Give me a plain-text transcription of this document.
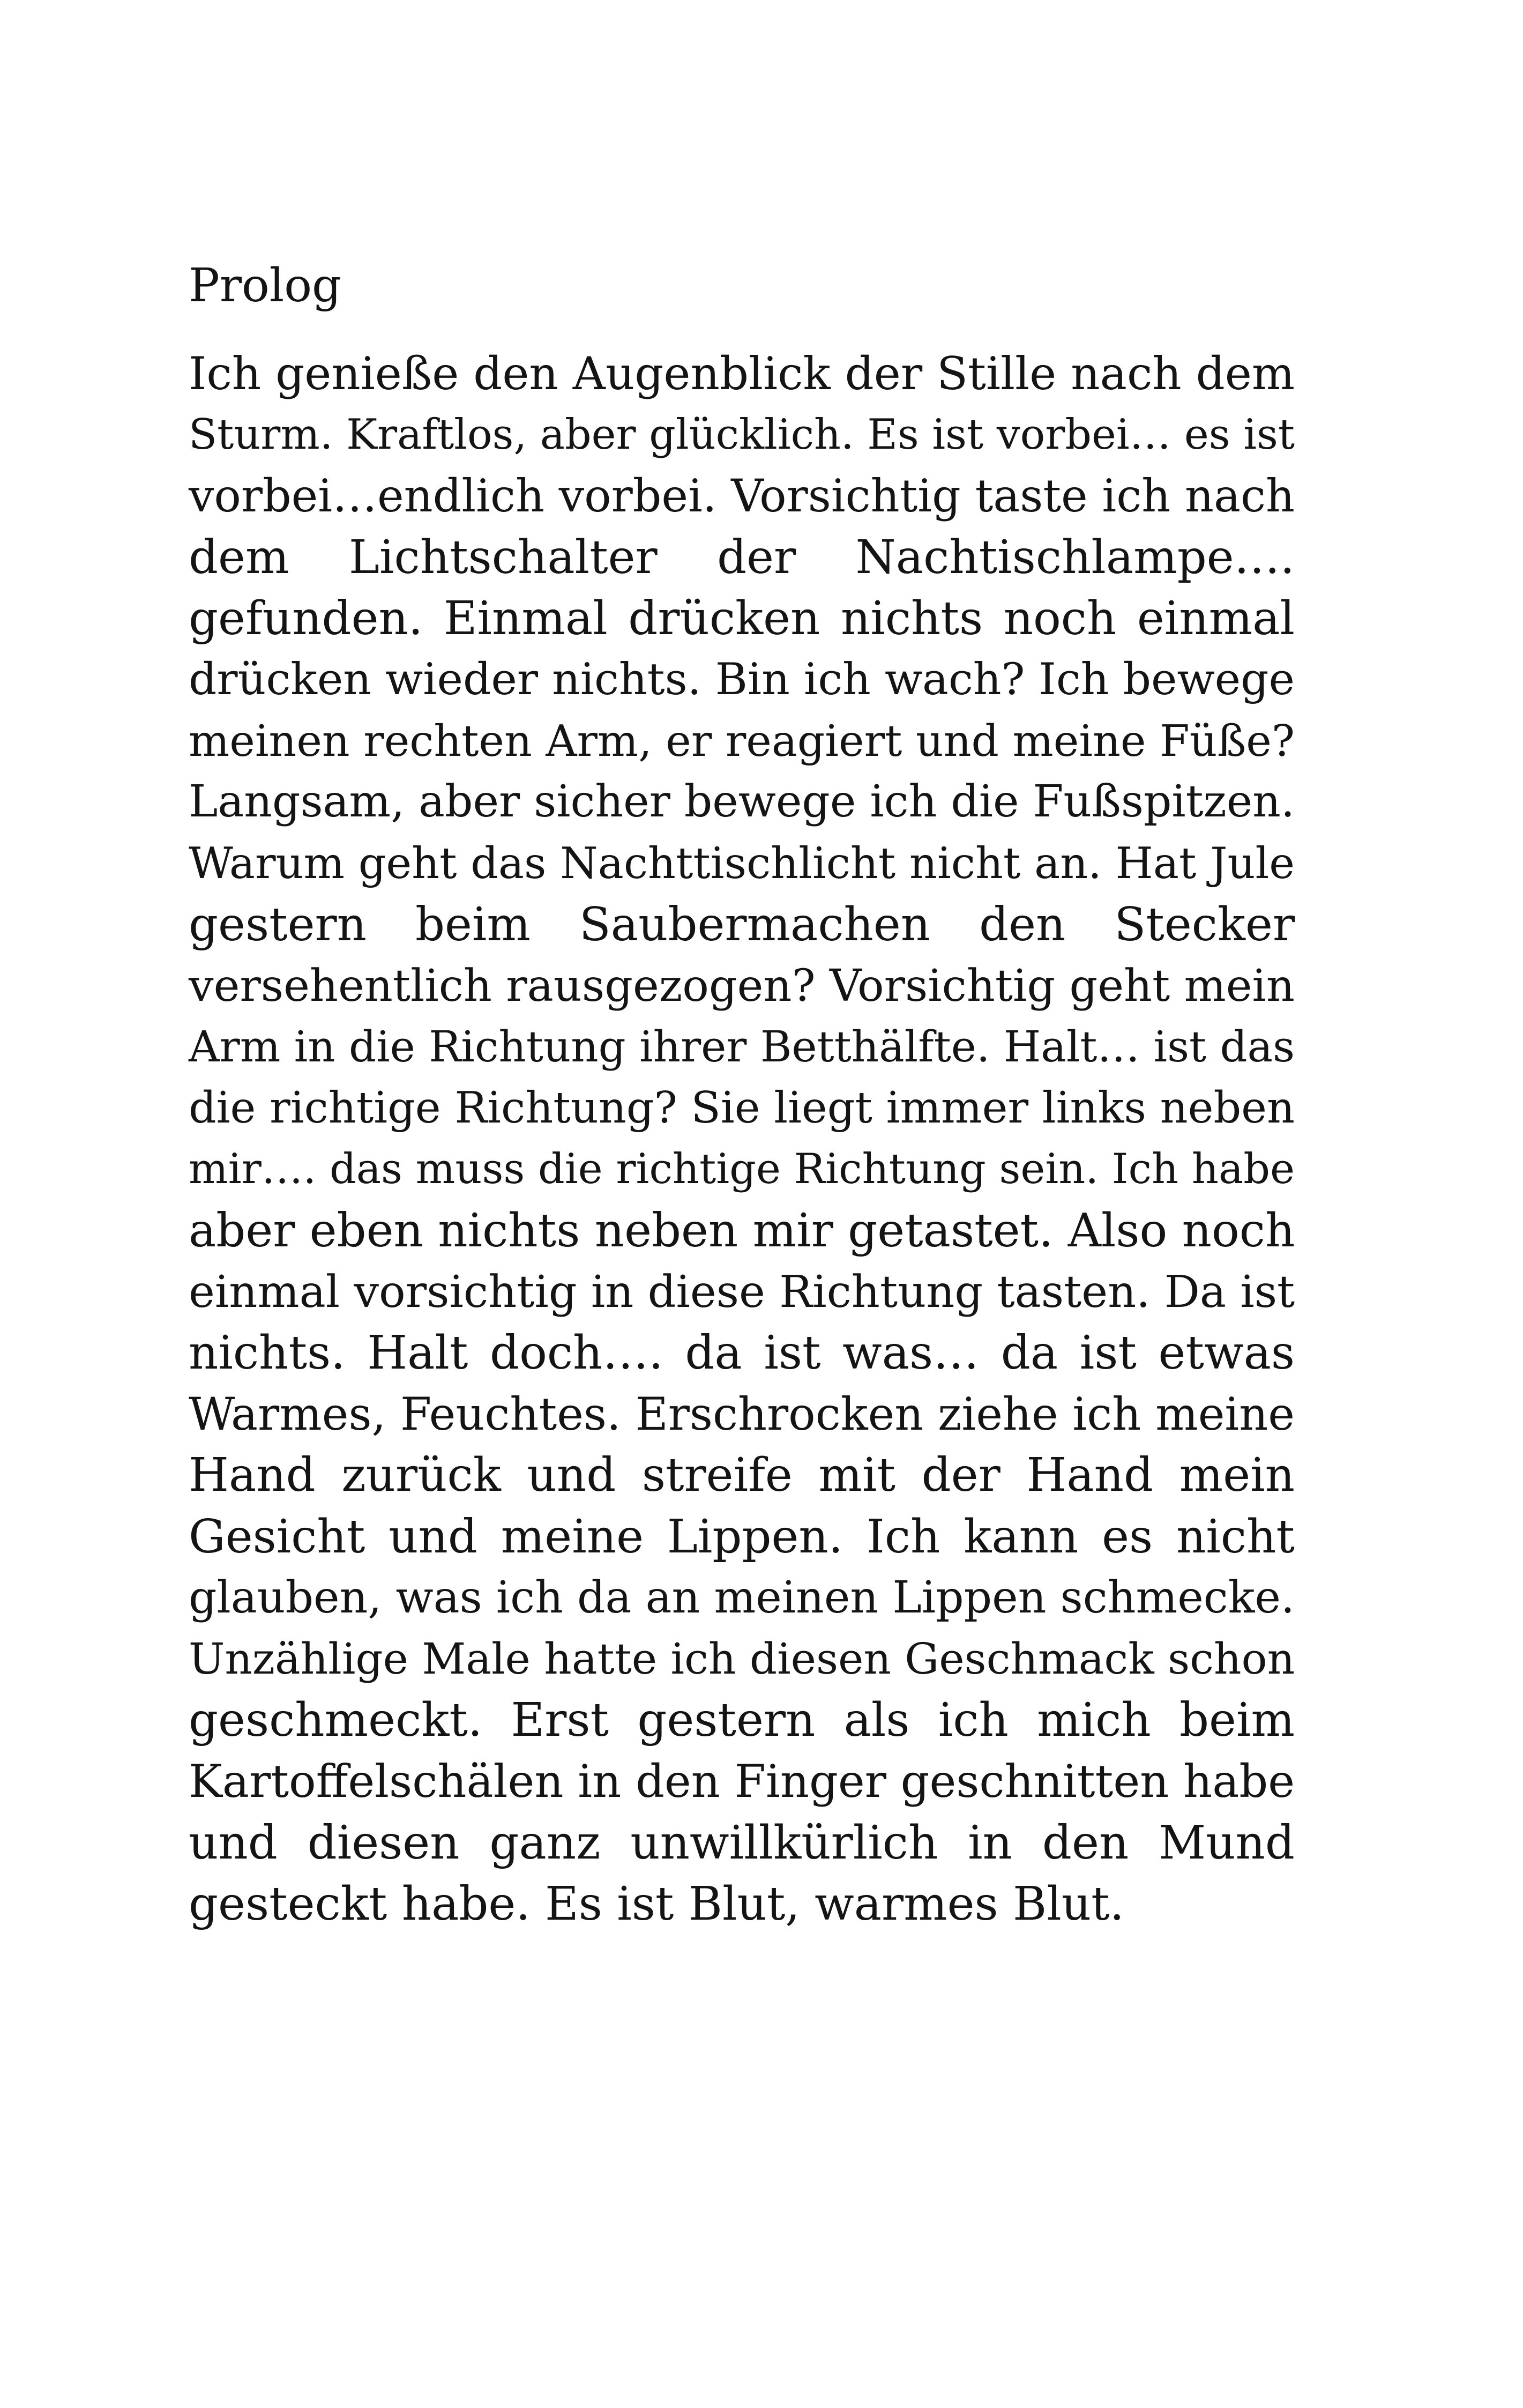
Prolog
Ich genieße den Augenblick der Stille nach dem
Sturm. Kraftlos, aber glücklich. Es ist vorbei… es ist
vorbei…endlich vorbei. Vorsichtig taste ich nach
dem Lichtschalter der Nachtischlampe….
gefunden. Einmal drücken nichts noch einmal
drücken wieder nichts. Bin ich wach? Ich bewege
meinen rechten Arm, er reagiert und meine Füße?
Langsam, aber sicher bewege ich die Fußspitzen.
Warum geht das Nachttischlicht nicht an. Hat Jule
gestern beim Saubermachen den Stecker
versehentlich rausgezogen? Vorsichtig geht mein
Arm in die Richtung ihrer Betthälfte. Halt… ist das
die richtige Richtung? Sie liegt immer links neben
mir…. das muss die richtige Richtung sein. Ich habe
aber eben nichts neben mir getastet. Also noch
einmal vorsichtig in diese Richtung tasten. Da ist
nichts. Halt doch…. da ist was… da ist etwas
Warmes, Feuchtes. Erschrocken ziehe ich meine
Hand zurück und streife mit der Hand mein
Gesicht und meine Lippen. Ich kann es nicht
glauben, was ich da an meinen Lippen schmecke.
Unzählige Male hatte ich diesen Geschmack schon
geschmeckt. Erst gestern als ich mich beim
Kartoffelschälen in den Finger geschnitten habe
und diesen ganz unwillkürlich in den Mund
gesteckt habe. Es ist Blut, warmes Blut.
